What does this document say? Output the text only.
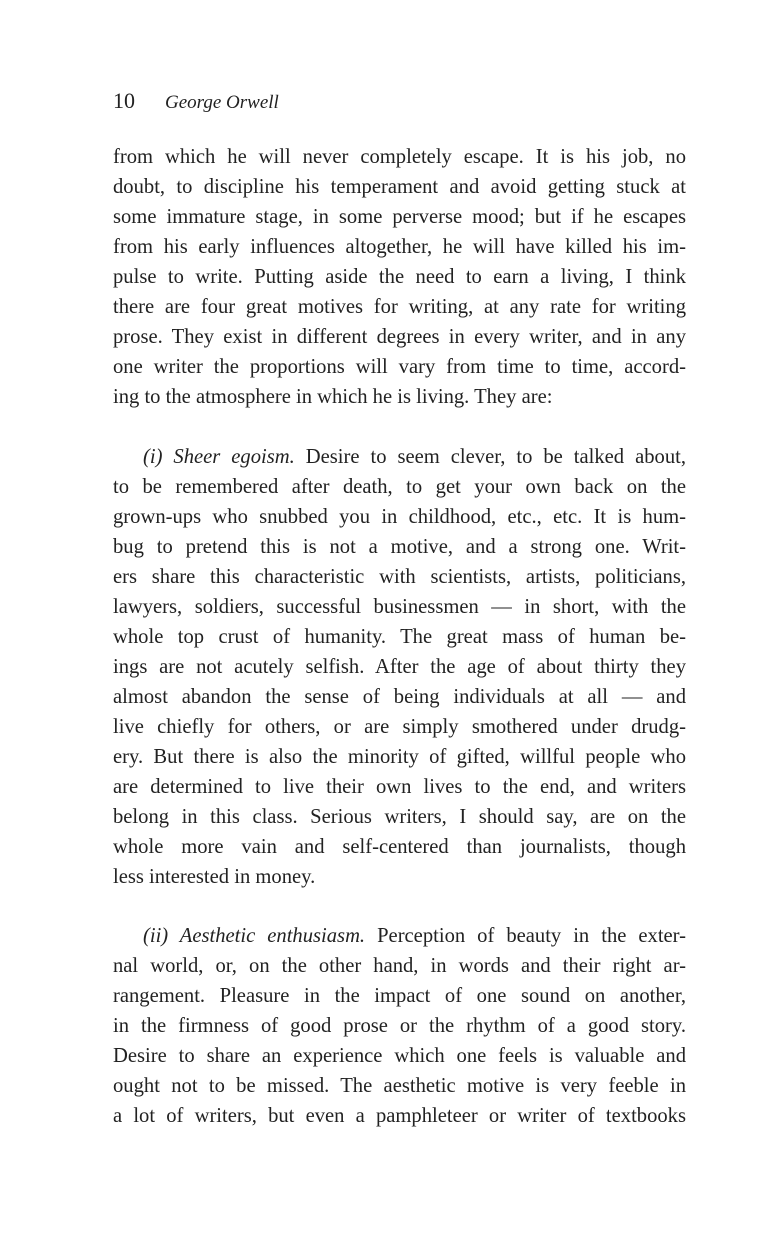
10 George Orwell
from which he will never completely escape. It is his job, no
doubt, to discipline his temperament and avoid getting stuck at
some immature stage, in some perverse mood; but if he escapes
from his early influences altogether, he will have killed his im-
pulse to write. Putting aside the need to earn a living, I think
there are four great motives for writing, at any rate for writing
prose. They exist in different degrees in every writer, and in any
one writer the proportions will vary from time to time, accord-
ing to the atmosphere in which he is living. They are:
(i) Sheer egoism. Desire to seem clever, to be talked about,
to be remembered after death, to get your own back on the
grown-ups who snubbed you in childhood, etc., etc. It is hum-
bug to pretend this is not a motive, and a strong one. Writ-
ers share this characteristic with scientists, artists, politicians,
lawyers, soldiers, successful businessmen — in short, with the
whole top crust of humanity. The great mass of human be-
ings are not acutely selfish. After the age of about thirty they
almost abandon the sense of being individuals at all — and
live chiefly for others, or are simply smothered under drudg-
ery. But there is also the minority of gifted, willful people who
are determined to live their own lives to the end, and writers
belong in this class. Serious writers, I should say, are on the
whole more vain and self-centered than journalists, though
less interested in money.
(ii) Aesthetic enthusiasm. Perception of beauty in the exter-
nal world, or, on the other hand, in words and their right ar-
rangement. Pleasure in the impact of one sound on another,
in the firmness of good prose or the rhythm of a good story.
Desire to share an experience which one feels is valuable and
ought not to be missed. The aesthetic motive is very feeble in
a lot of writers, but even a pamphleteer or writer of textbooks
